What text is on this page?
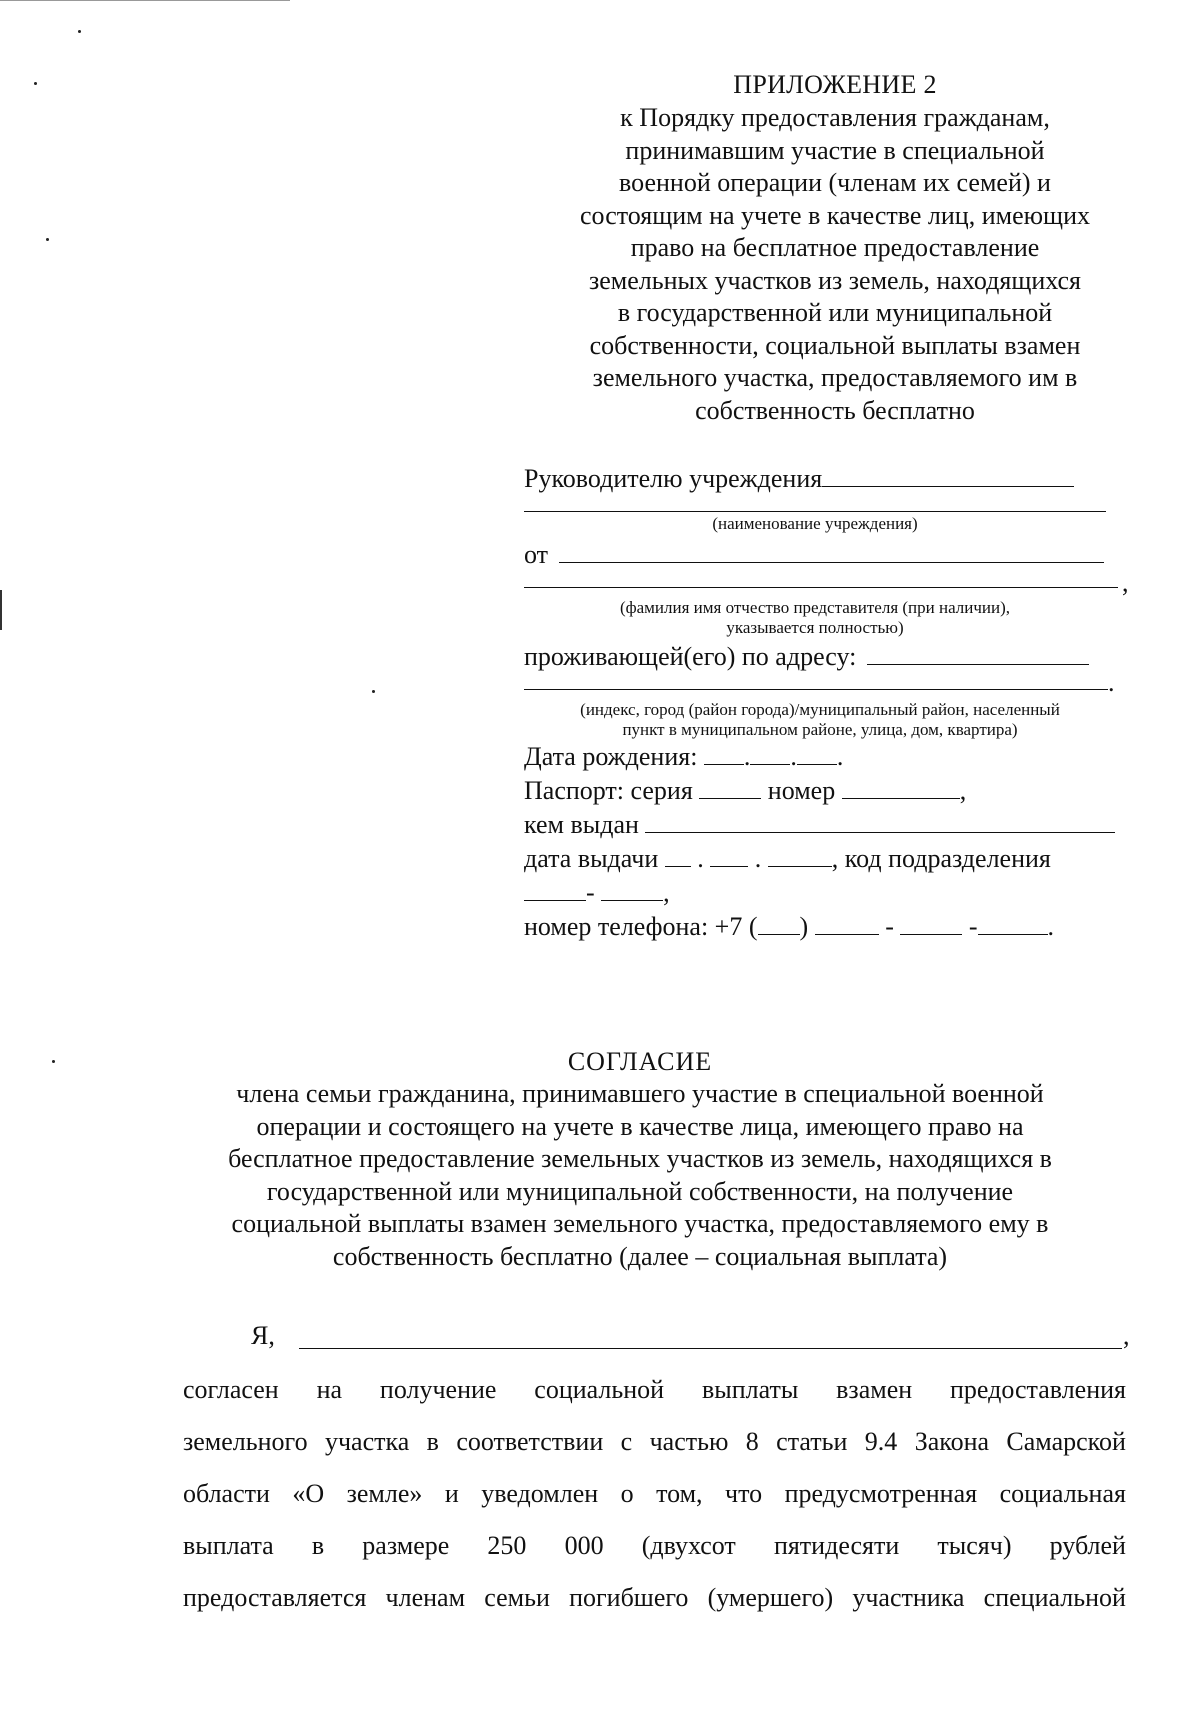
ПРИЛОЖЕНИЕ 2
к Порядку предоставления гражданам,
принимавшим участие в специальной
военной операции (членам их семей) и
состоящим на учете в качестве лиц, имеющих
право на бесплатное предоставление
земельных участков из земель, находящихся
в государственной или муниципальной
собственности, социальной выплаты взамен
земельного участка, предоставляемого им в
собственность бесплатно
Руководителю учреждения
(наименование учреждения)
от
,
(фамилия имя отчество представителя (при наличии),
указывается полностью)
проживающей(его) по адресу:
.
(индекс, город (район города)/муниципальный район, населенный
пункт в муниципальном районе, улица, дом, квартира)
Дата рождения: . . .
Паспорт: серия	номер	,
кем выдан
дата выдачи  .  . , код подразделения
- ,
номер телефона: +7 ( )  -  -	.
СОГЛАСИЕ
члена семьи гражданина, принимавшего участие в специальной военной
операции и состоящего на учете в качестве лица, имеющего право на
бесплатное предоставление земельных участков из земель, находящихся в
государственной или муниципальной собственности, на получение
социальной выплаты взамен земельного участка, предоставляемого ему в
собственность бесплатно (далее – социальная выплата)
Я,	,
согласен на получение социальной выплаты взамен предоставления
земельного участка в соответствии с частью 8 статьи 9.4 Закона Самарской
области «О земле» и уведомлен о том, что предусмотренная социальная
выплата в размере 250 000 (двухсот пятидесяти тысяч) рублей
предоставляется членам семьи погибшего (умершего) участника специальной
